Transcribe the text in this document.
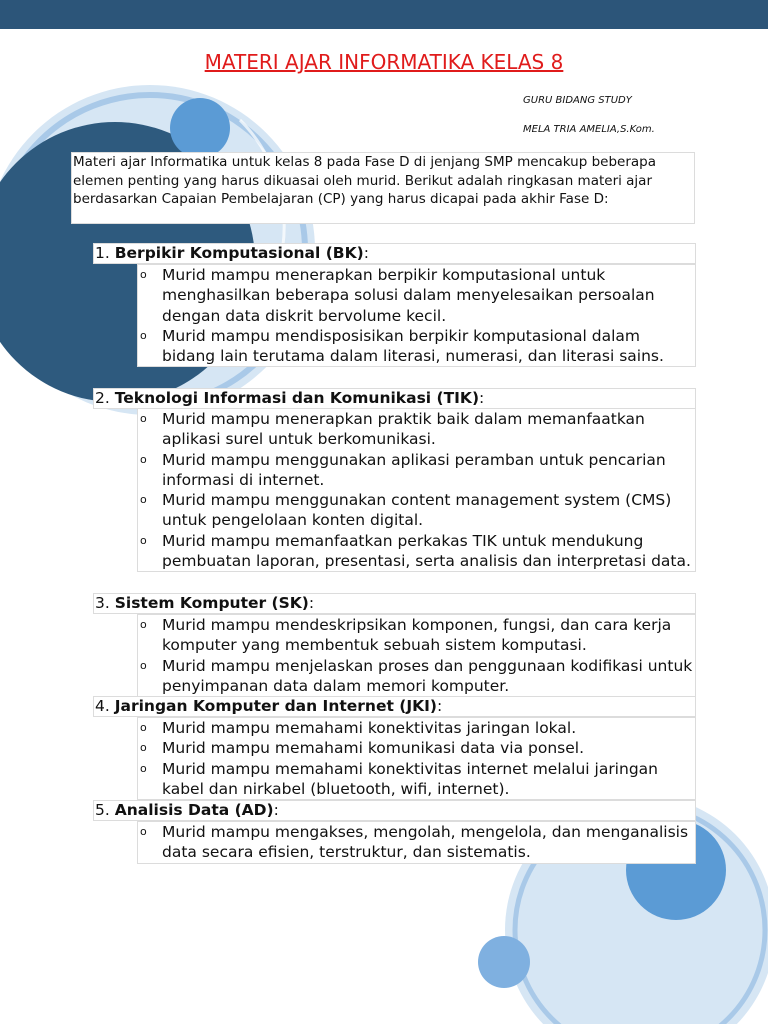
MATERI AJAR INFORMATIKA KELAS 8
GURU BIDANG STUDY
MELA TRIA AMELIA,S.Kom.
Materi ajar Informatika untuk kelas 8 pada Fase D di jenjang SMP mencakup beberapa elemen penting yang harus dikuasai oleh murid. Berikut adalah ringkasan materi ajar berdasarkan Capaian Pembelajaran (CP) yang harus dicapai pada akhir Fase D:
1. Berpikir Komputasional (BK):
o Murid mampu menerapkan berpikir komputasional untuk menghasilkan beberapa solusi dalam menyelesaikan persoalan dengan data diskrit bervolume kecil.
o Murid mampu mendisposisikan berpikir komputasional dalam bidang lain terutama dalam literasi, numerasi, dan literasi sains.
2. Teknologi Informasi dan Komunikasi (TIK):
o Murid mampu menerapkan praktik baik dalam memanfaatkan aplikasi surel untuk berkomunikasi.
o Murid mampu menggunakan aplikasi peramban untuk pencarian informasi di internet.
o Murid mampu menggunakan content management system (CMS) untuk pengelolaan konten digital.
o Murid mampu memanfaatkan perkakas TIK untuk mendukung pembuatan laporan, presentasi, serta analisis dan interpretasi data.
3. Sistem Komputer (SK):
o Murid mampu mendeskripsikan komponen, fungsi, dan cara kerja komputer yang membentuk sebuah sistem komputasi.
o Murid mampu menjelaskan proses dan penggunaan kodifikasi untuk penyimpanan data dalam memori komputer.
4. Jaringan Komputer dan Internet (JKI):
o Murid mampu memahami konektivitas jaringan lokal.
o Murid mampu memahami komunikasi data via ponsel.
o Murid mampu memahami konektivitas internet melalui jaringan kabel dan nirkabel (bluetooth, wifi, internet).
5. Analisis Data (AD):
o Murid mampu mengakses, mengolah, mengelola, dan menganalisis data secara efisien, terstruktur, dan sistematis.
